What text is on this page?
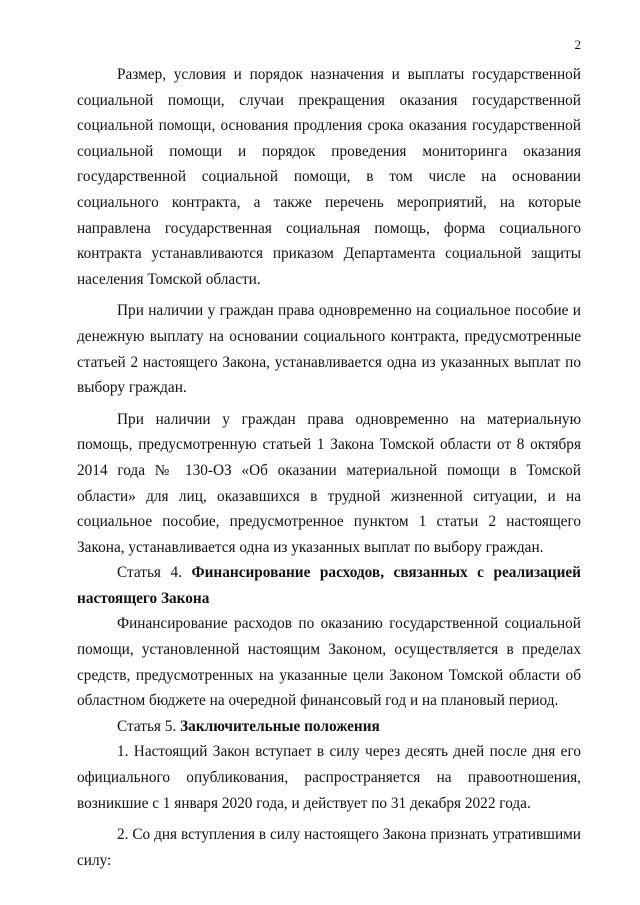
2

Размер, условия и порядок назначения и выплаты государственной социальной помощи, случаи прекращения оказания государственной социальной помощи, основания продления срока оказания государственной социальной помощи и порядок проведения мониторинга оказания государственной социальной помощи, в том числе на основании социального контракта, а также перечень мероприятий, на которые направлена государственная социальная помощь, форма социального контракта устанавливаются приказом Департамента социальной защиты населения Томской области.

При наличии у граждан права одновременно на социальное пособие и денежную выплату на основании социального контракта, предусмотренные статьей 2 настоящего Закона, устанавливается одна из указанных выплат по выбору граждан.

При наличии у граждан права одновременно на материальную помощь, предусмотренную статьей 1 Закона Томской области от 8 октября 2014 года № 130-ОЗ «Об оказании материальной помощи в Томской области» для лиц, оказавшихся в трудной жизненной ситуации, и на социальное пособие, предусмотренное пунктом 1 статьи 2 настоящего Закона, устанавливается одна из указанных выплат по выбору граждан.

Статья 4. Финансирование расходов, связанных с реализацией настоящего Закона

Финансирование расходов по оказанию государственной социальной помощи, установленной настоящим Законом, осуществляется в пределах средств, предусмотренных на указанные цели Законом Томской области об областном бюджете на очередной финансовый год и на плановый период.

Статья 5. Заключительные положения

1. Настоящий Закон вступает в силу через десять дней после дня его официального опубликования, распространяется на правоотношения, возникшие с 1 января 2020 года, и действует по 31 декабря 2022 года.

2. Со дня вступления в силу настоящего Закона признать утратившими силу:
